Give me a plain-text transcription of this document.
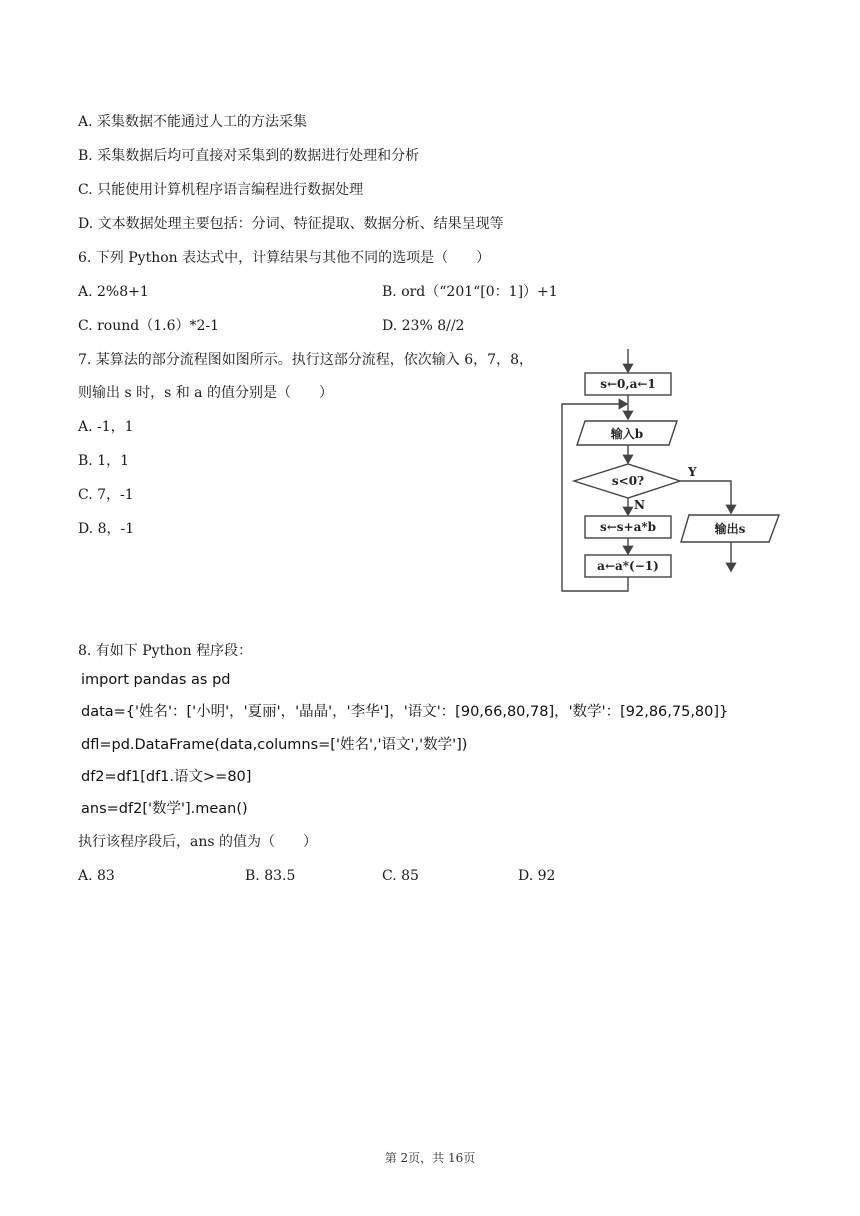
A. 采集数据不能通过人工的方法采集
B. 采集数据后均可直接对采集到的数据进行处理和分析
C. 只能使用计算机程序语言编程进行数据处理
D. 文本数据处理主要包括：分词、特征提取、数据分析、结果呈现等
6. 下列 Python 表达式中，计算结果与其他不同的选项是（　　）
A. 2%8+1	B. ord（“201“[0：1]）+1
C. round（1.6）*2-1	D. 23% 8//2
7. 某算法的部分流程图如图所示。执行这部分流程，依次输入 6，7，8，
则输出 s 时，s 和 a 的值分别是（　　）
A. -1，1
B. 1，1
C. 7，-1
D. 8，-1
s←0,a←1
输入b
s<0?
Y
N
s←s+a*b
a←a*(−1)
输出s
8. 有如下 Python 程序段：
import pandas as pd
data={'姓名'：['小明'，'夏丽'，'晶晶'，'李华']，'语文'：[90,66,80,78]，'数学'：[92,86,75,80]}
dfl=pd.DataFrame(data,columns=['姓名','语文','数学'])
df2=df1[df1.语文>=80]
ans=df2['数学'].mean()
执行该程序段后，ans 的值为（　　）
A. 83	B. 83.5	C. 85	D. 92
第 2页，共 16页
